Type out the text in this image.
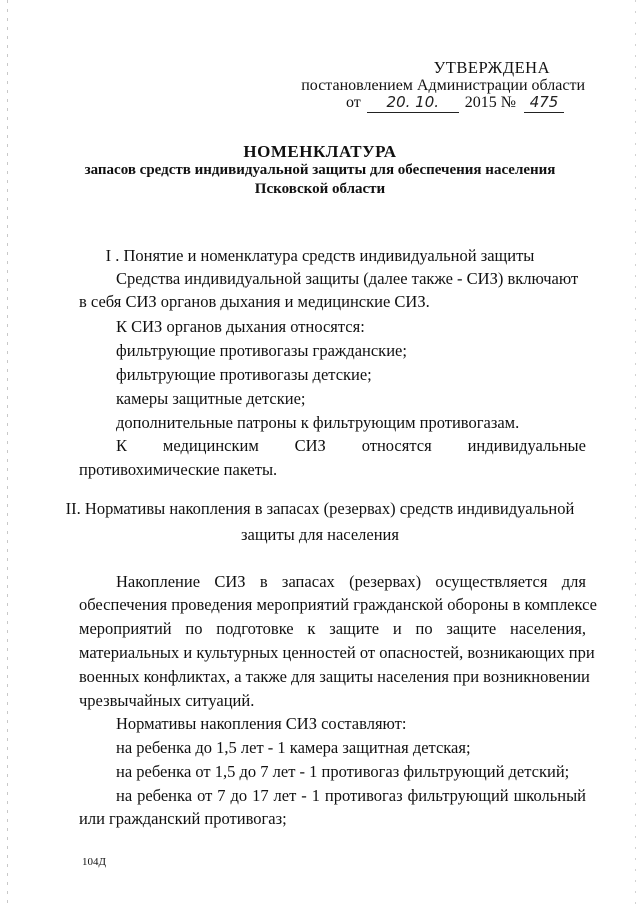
УТВЕРЖДЕНА
постановлением Администрации области
от 20. 10. 2015 № 475
НОМЕНКЛАТУРА
запасов средств индивидуальной защиты для обеспечения населения
Псковской области
I . Понятие и номенклатура средств индивидуальной защиты
Средства индивидуальной защиты (далее также - СИЗ) включают
в себя СИЗ органов дыхания и медицинские СИЗ.
К СИЗ органов дыхания относятся:
фильтрующие противогазы гражданские;
фильтрующие противогазы детские;
камеры защитные детские;
дополнительные патроны к фильтрующим противогазам.
К медицинским СИЗ относятся индивидуальные
противохимические пакеты.
II. Нормативы накопления в запасах (резервах) средств индивидуальной
защиты для населения
Накопление СИЗ в запасах (резервах) осуществляется для
обеспечения проведения мероприятий гражданской обороны в комплексе
мероприятий по подготовке к защите и по защите населения,
материальных и культурных ценностей от опасностей, возникающих при
военных конфликтах, а также для защиты населения при возникновении
чрезвычайных ситуаций.
Нормативы накопления СИЗ составляют:
на ребенка до 1,5 лет - 1 камера защитная детская;
на ребенка от 1,5 до 7 лет - 1 противогаз фильтрующий детский;
на ребенка от 7 до 17 лет - 1 противогаз фильтрующий школьный
или гражданский противогаз;
104Д
